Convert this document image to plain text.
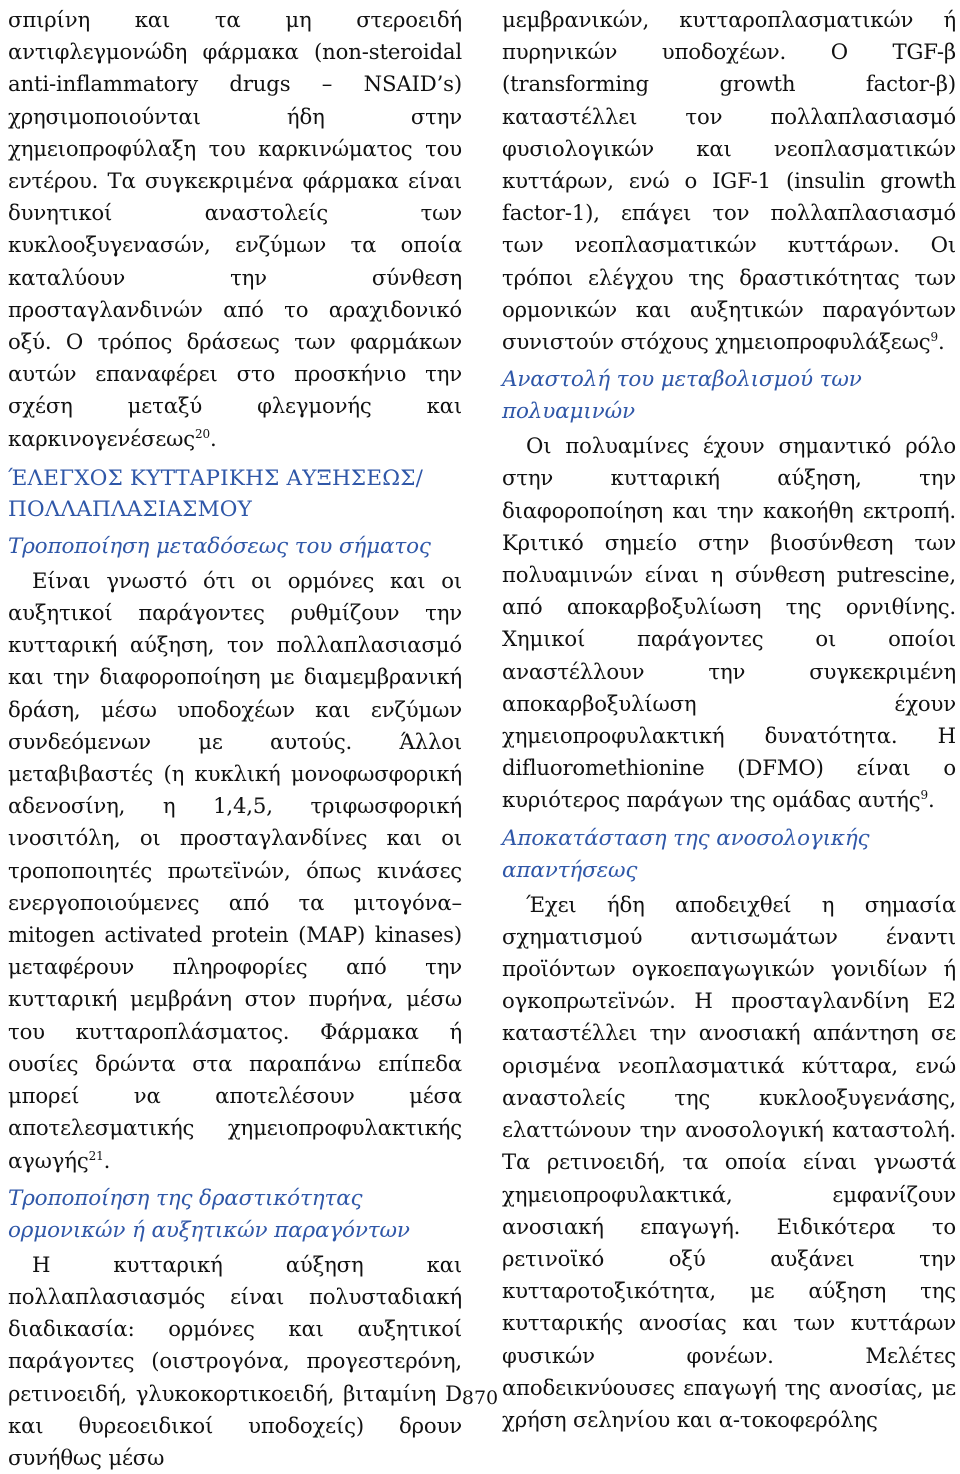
σπιρίνη και τα μη στεροειδή αντιφλεγμονώδη φάρμακα (non-steroidal anti-inflammatory drugs – NSAID’s) χρησιμοποιούνται ήδη στην χημειοπροφύλαξη του καρκινώματος του εντέρου. Τα συγκεκριμένα φάρμακα είναι δυνητικοί αναστολείς των κυκλοοξυγενασών, ενζύμων τα οποία καταλύουν την σύνθεση προσταγλανδινών από το αραχιδονικό οξύ. Ο τρόπος δράσεως των φαρμάκων αυτών επαναφέρει στο προσκήνιο την σχέση μεταξύ φλεγμονής και καρκινογενέσεως$^{20}$.

ΈΛΕΓΧΟΣ ΚΥΤΤΑΡΙΚΗΣ ΑΥΞΗΣΕΩΣ/ ΠΟΛΛΑΠΛΑΣΙΑΣΜΟΥ
Τροποποίηση μεταδόσεως του σήματος

Είναι γνωστό ότι οι ορμόνες και οι αυξητικοί παράγοντες ρυθμίζουν την κυτταρική αύξηση, τον πολλαπλασιασμό και την διαφοροποίηση με διαμεμβρανική δράση, μέσω υποδοχέων και ενζύμων συνδεόμενων με αυτούς. Άλλοι μεταβιβαστές (η κυκλική μονοφωσφορική αδενοσίνη, η 1,4,5, τριφωσφορική ινοσιτόλη, οι προσταγλανδίνες και οι τροποποιητές πρωτεϊνών, όπως κινάσες ενεργοποιούμενες από τα μιτογόνα–mitogen activated protein (MAP) kinases) μεταφέρουν πληροφορίες από την κυτταρική μεμβράνη στον πυρήνα, μέσω του κυτταροπλάσματος. Φάρμακα ή ουσίες δρώντα στα παραπάνω επίπεδα μπορεί να αποτελέσουν μέσα αποτελεσματικής χημειοπροφυλακτικής αγωγής$^{21}$.

Τροποποίηση της δραστικότητας ορμονικών ή αυξητικών παραγόντων

Η κυτταρική αύξηση και πολλαπλασιασμός είναι πολυσταδιακή διαδικασία: ορμόνες και αυξητικοί παράγοντες (οιστρογόνα, προγεστερόνη, ρετινοειδή, γλυκοκορτικοειδή, βιταμίνη D και θυρεοειδικοί υποδοχείς) δρουν συνήθως μέσω

μεμβρανικών, κυτταροπλασματικών ή πυρηνικών υποδοχέων. Ο TGF-β (transforming growth factor-β) καταστέλλει τον πολλαπλασιασμό φυσιολογικών και νεοπλασματικών κυττάρων, ενώ ο IGF-1 (insulin growth factor-1), επάγει τον πολλαπλασιασμό των νεοπλασματικών κυττάρων. Οι τρόποι ελέγχου της δραστικότητας των ορμονικών και αυξητικών παραγόντων συνιστούν στόχους χημειοπροφυλάξεως$^9$.

Αναστολή του μεταβολισμού των πολυαμινών

Οι πολυαμίνες έχουν σημαντικό ρόλο στην κυτταρική αύξηση, την διαφοροποίηση και την κακοήθη εκτροπή. Κριτικό σημείο στην βιοσύνθεση των πολυαμινών είναι η σύνθεση putrescine, από αποκαρβοξυλίωση της ορνιθίνης. Χημικοί παράγοντες οι οποίοι αναστέλλουν την συγκεκριμένη αποκαρβοξυλίωση έχουν χημειοπροφυλακτική δυνατότητα. Η difluoromethionine (DFMO) είναι ο κυριότερος παράγων της ομάδας αυτής$^9$.

Αποκατάσταση της ανοσολογικής απαντήσεως

Έχει ήδη αποδειχθεί η σημασία σχηματισμού αντισωμάτων έναντι προϊόντων ογκοεπαγωγικών γονιδίων ή ογκοπρωτεϊνών. Η προσταγλανδίνη E2 καταστέλλει την ανοσιακή απάντηση σε ορισμένα νεοπλασματικά κύτταρα, ενώ αναστολείς της κυκλοοξυγενάσης, ελαττώνουν την ανοσολογική καταστολή. Τα ρετινοειδή, τα οποία είναι γνωστά χημειοπροφυλακτικά, εμφανίζουν ανοσιακή επαγωγή. Ειδικότερα το ρετινοϊκό οξύ αυξάνει την κυτταροτοξικότητα, με αύξηση της κυτταρικής ανοσίας και των κυττάρων φυσικών φονέων. Μελέτες αποδεικνύουσες επαγωγή της ανοσίας, με χρήση σεληνίου και α-τοκοφερόλης

870
